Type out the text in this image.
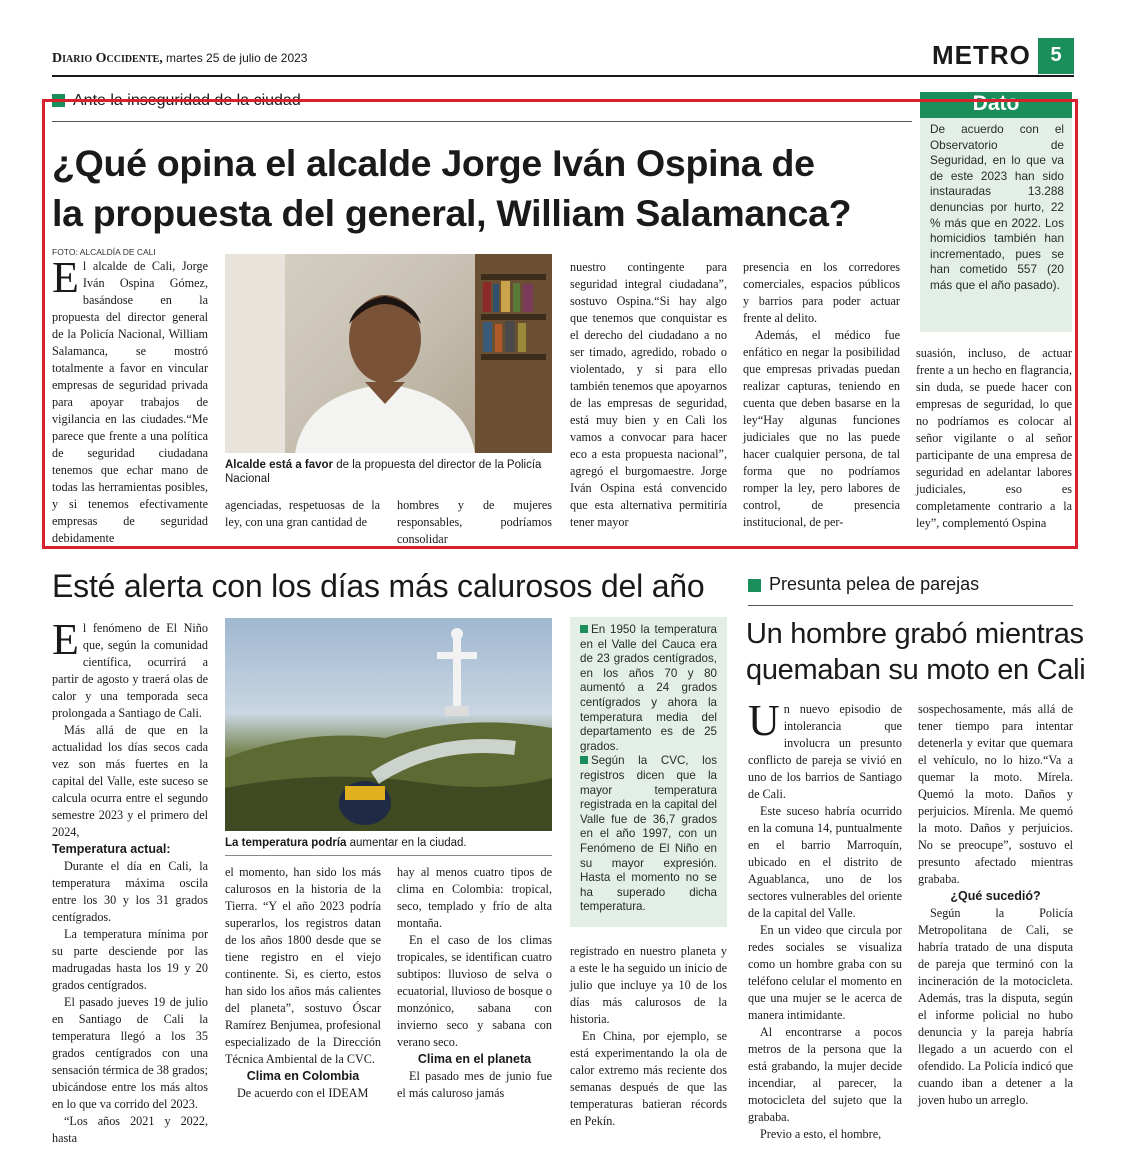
Diario Occidente, martes 25 de julio de 2023	METRO 5
Ante la inseguridad de la ciudad
¿Qué opina el alcalde Jorge Iván Ospina de
la propuesta del general, William Salamanca?
Dato
De acuerdo con el Observatorio de Seguridad, en lo que va de este 2023 han sido instauradas 13.288 denuncias por hurto, 22 % más que en 2022. Los homicidios también han incrementado, pues se han cometido 557 (20 más que el año pasado).
FOTO: ALCALDÍA DE CALI

El alcalde de Cali, Jorge Iván Ospina Gómez, basándose en la propuesta del director general de la Policía Nacional, William Salamanca, se mostró totalmente a favor en vincular empresas de seguridad privada para apoyar trabajos de vigilancia en las ciudades.“Me parece que frente a una política de seguridad ciudadana tenemos que echar mano de todas las herramientas posibles, y si tenemos efectivamente empresas de seguridad debidamente

Alcalde está a favor de la propuesta del director de la Policía Nacional

agenciadas, respetuosas de la ley, con una gran cantidad de

hombres y de mujeres responsables, podríamos consolidar

nuestro contingente para seguridad integral ciudadana”, sostuvo Ospina.“Si hay algo que tenemos que conquistar es el derecho del ciudadano a no ser timado, agredido, robado o violentado, y si para ello también tenemos que apoyarnos de las empresas de seguridad, está muy bien y en Cali los vamos a convocar para hacer eco a esta propuesta nacional”, agregó el burgomaestre. Jorge Iván Ospina está convencido que esta alternativa permitiría tener mayor

presencia en los corredores comerciales, espacios públicos y barrios para poder actuar frente al delito.

Además, el médico fue enfático en negar la posibilidad que empresas privadas puedan realizar capturas, teniendo en cuenta que deben basarse en la ley“Hay algunas funciones judiciales que no las puede hacer cualquier persona, de tal forma que no podríamos romper la ley, pero labores de control, de presencia institucional, de per-

suasión, incluso, de actuar frente a un hecho en flagrancia, sin duda, se puede hacer con empresas de seguridad, lo que no podríamos es colocar al señor vigilante o al señor participante de una empresa de seguridad en adelantar labores judiciales, eso es completamente contrario a la ley”, complementó Ospina

Esté alerta con los días más calurosos del año

El fenómeno de El Niño que, según la comunidad científica, ocurrirá a partir de agosto y traerá olas de calor y una temporada seca prolongada a Santiago de Cali.

Más allá de que en la actualidad los días secos cada vez son más fuertes en la capital del Valle, este suceso se calcula ocurra entre el segundo semestre 2023 y el primero del 2024,

Temperatura actual:

Durante el día en Cali, la temperatura máxima oscila entre los 30 y los 31 grados centígrados.

La temperatura mínima por su parte desciende por las madrugadas hasta los 19 y 20 grados centígrados.

El pasado jueves 19 de julio en Santiago de Cali la temperatura llegó a los 35 grados centígrados con una sensación térmica de 38 grados; ubicándose entre los más altos en lo que va corrido del 2023.

“Los años 2021 y 2022, hasta

La temperatura podría aumentar en la ciudad.

el momento, han sido los más calurosos en la historia de la Tierra. “Y el año 2023 podría superarlos, los registros datan de los años 1800 desde que se tiene registro en el viejo continente. Si, es cierto, estos han sido los años más calientes del planeta”, sostuvo Óscar Ramírez Benjumea, profesional especializado de la Dirección Técnica Ambiental de la CVC.

Clima en Colombia

De acuerdo con el IDEAM

hay al menos cuatro tipos de clima en Colombia: tropical, seco, templado y frío de alta montaña.

En el caso de los climas tropicales, se identifican cuatro subtipos: lluvioso de selva o ecuatorial, lluvioso de bosque o monzónico, sabana con invierno seco y sabana con verano seco.

Clima en el planeta

El pasado mes de junio fue el más caluroso jamás

En 1950 la temperatura en el Valle del Cauca era de 23 grados centígrados, en los años 70 y 80 aumentó a 24 grados centígrados y ahora la temperatura media del departamento es de 25 grados.
Según la CVC, los registros dicen que la mayor temperatura registrada en la capital del Valle fue de 36,7 grados en el año 1997, con un Fenómeno de El Niño en su mayor expresión. Hasta el momento no se ha superado dicha temperatura.

registrado en nuestro planeta y a este le ha seguido un inicio de julio que incluye ya 10 de los días más calurosos de la historia.

En China, por ejemplo, se está experimentando la ola de calor extremo más reciente dos semanas después de que las temperaturas batieran récords en Pekín.

Presunta pelea de parejas
Un hombre grabó mientras
quemaban su moto en Cali

Un nuevo episodio de intolerancia que involucra un presunto conflicto de pareja se vivió en uno de los barrios de Santiago de Cali.

Este suceso habría ocurrido en la comuna 14, puntualmente en el barrio Marroquín, ubicado en el distrito de Aguablanca, uno de los sectores vulnerables del oriente de la capital del Valle.

En un video que circula por redes sociales se visualiza como un hombre graba con su teléfono celular el momento en que una mujer se le acerca de manera intimidante.

Al encontrarse a pocos metros de la persona que la está grabando, la mujer decide incendiar, al parecer, la motocicleta del sujeto que la grababa.

Previo a esto, el hombre,

sospechosamente, más allá de tener tiempo para intentar detenerla y evitar que quemara el vehículo, no lo hizo.“Va a quemar la moto. Mírela. Quemó la moto. Daños y perjuicios. Mírenla. Me quemó la moto. Daños y perjuicios. No se preocupe”, sostuvo el presunto afectado mientras grababa.

¿Qué sucedió?

Según la Policía Metropolitana de Cali, se habría tratado de una disputa de pareja que terminó con la incineración de la motocicleta. Además, tras la disputa, según el informe policial no hubo denuncia y la pareja habría llegado a un acuerdo con el ofendido. La Policía indicó que cuando iban a detener a la joven hubo un arreglo.
